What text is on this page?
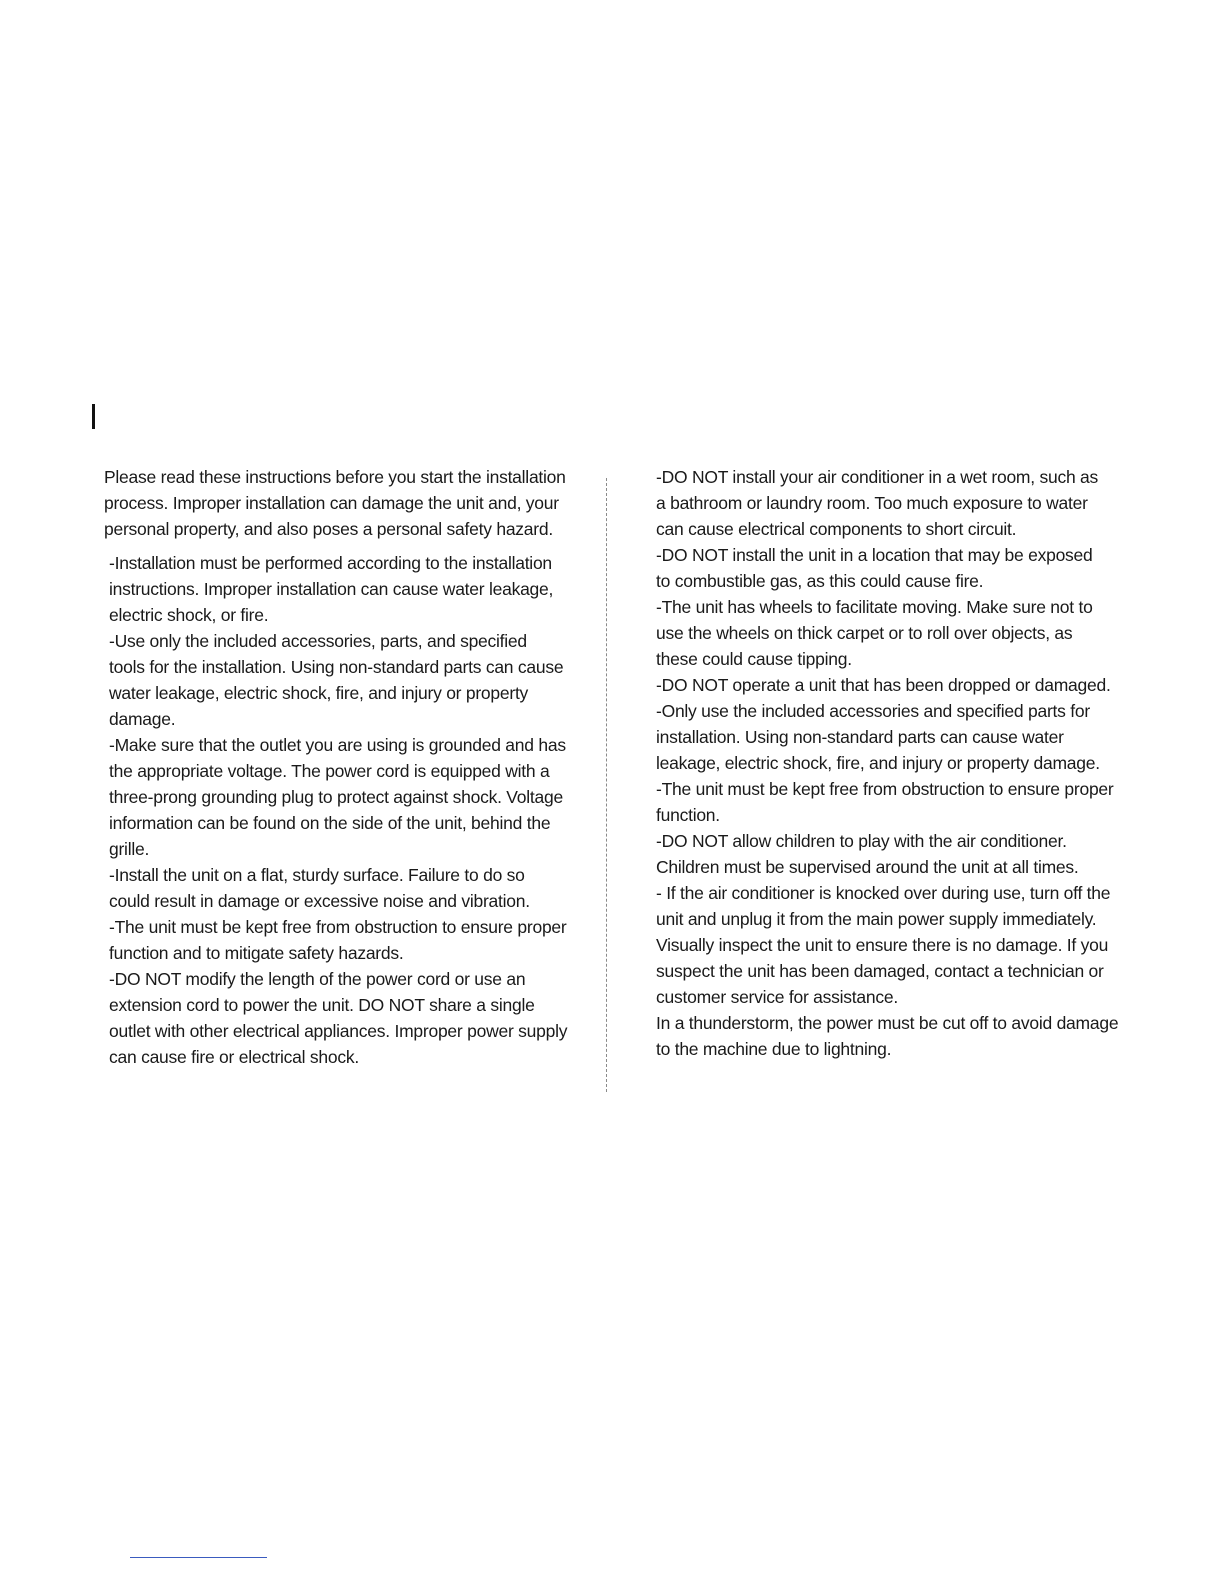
Please read these instructions before you start the installation
process. Improper installation can damage the unit and, your
personal property, and also poses a personal safety hazard.

-Installation must be performed according to the installation
instructions. Improper installation can cause water leakage,
electric shock, or fire.

-Use only the included accessories, parts, and specified
tools for the installation. Using non-standard parts can cause
water leakage, electric shock, fire, and injury or property
damage.

-Make sure that the outlet you are using is grounded and has
the appropriate voltage. The power cord is equipped with a
three-prong grounding plug to protect against shock. Voltage
information can be found on the side of the unit, behind the
grille.

-Install the unit on a flat, sturdy surface. Failure to do so
could result in damage or excessive noise and vibration.

-The unit must be kept free from obstruction to ensure proper
function and to mitigate safety hazards.

-DO NOT modify the length of the power cord or use an
extension cord to power the unit. DO NOT share a single
outlet with other electrical appliances. Improper power supply
can cause fire or electrical shock.

-DO NOT install your air conditioner in a wet room, such as
a bathroom or laundry room. Too much exposure to water
can cause electrical components to short circuit.

-DO NOT install the unit in a location that may be exposed
to combustible gas, as this could cause fire.

-The unit has wheels to facilitate moving. Make sure not to
use the wheels on thick carpet or to roll over objects, as
these could cause tipping.

-DO NOT operate a unit that has been dropped or damaged.

-Only use the included accessories and specified parts for
installation. Using non-standard parts can cause water
leakage, electric shock, fire, and injury or property damage.

-The unit must be kept free from obstruction to ensure proper
function.

-DO NOT allow children to play with the air conditioner.
Children must be supervised around the unit at all times.

- If the air conditioner is knocked over during use, turn off the
unit and unplug it from the main power supply immediately.
Visually inspect the unit to ensure there is no damage. If you
suspect the unit has been damaged, contact a technician or
customer service for assistance.

In a thunderstorm, the power must be cut off to avoid damage
to the machine due to lightning.
